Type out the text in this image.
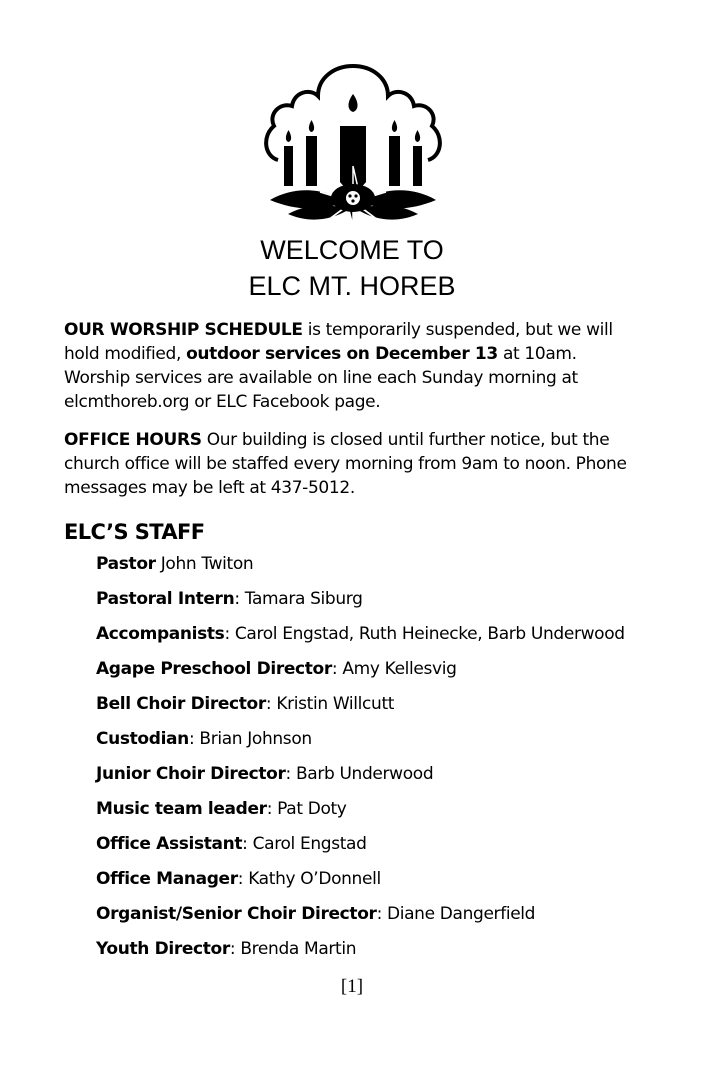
WELCOME TO
ELC MT. HOREB
OUR WORSHIP SCHEDULE is temporarily suspended, but we will hold modified, outdoor services on December 13 at 10am. Worship services are available on line each Sunday morning at elcmthoreb.org or ELC Facebook page.
OFFICE HOURS Our building is closed until further notice, but the church office will be staffed every morning from 9am to noon. Phone messages may be left at 437-5012.
ELC’S STAFF
Pastor John Twiton
Pastoral Intern: Tamara Siburg
Accompanists: Carol Engstad, Ruth Heinecke, Barb Underwood
Agape Preschool Director: Amy Kellesvig
Bell Choir Director: Kristin Willcutt
Custodian: Brian Johnson
Junior Choir Director: Barb Underwood
Music team leader: Pat Doty
Office Assistant: Carol Engstad
Office Manager: Kathy O’Donnell
Organist/Senior Choir Director: Diane Dangerfield
Youth Director: Brenda Martin
[1]
